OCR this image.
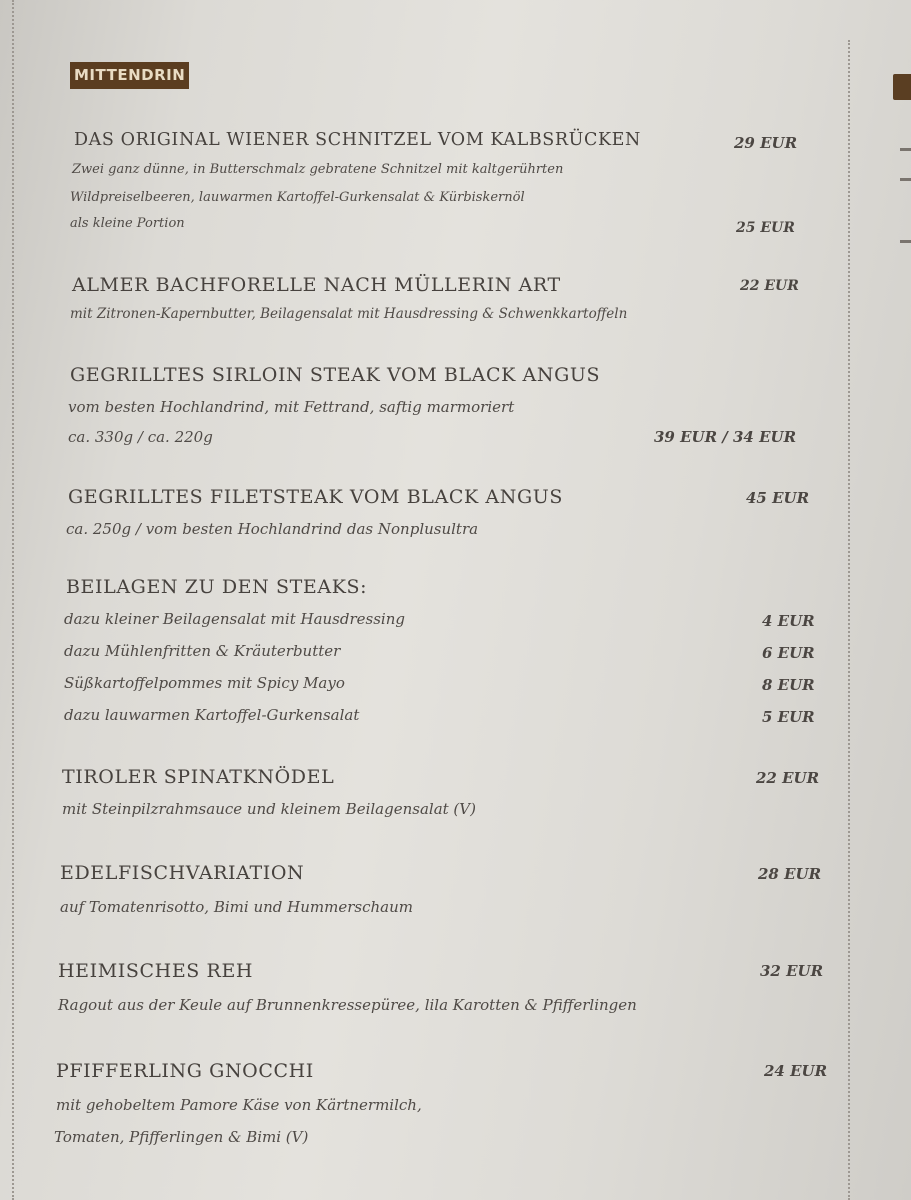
MITTENDRIN
DAS ORIGINAL WIENER SCHNITZEL VOM KALBSRÜCKEN	29 EUR
Zwei ganz dünne, in Butterschmalz gebratene Schnitzel mit kaltgerührten
Wildpreiselbeeren, lauwarmen Kartoffel-Gurkensalat & Kürbiskernöl
als kleine Portion	25 EUR
ALMER BACHFORELLE NACH MÜLLERIN ART	22 EUR
mit Zitronen-Kapernbutter, Beilagensalat mit Hausdressing & Schwenkkartoffeln
GEGRILLTES SIRLOIN STEAK VOM BLACK ANGUS
vom besten Hochlandrind, mit Fettrand, saftig marmoriert
ca. 330g / ca. 220g	39 EUR / 34 EUR
GEGRILLTES FILETSTEAK VOM BLACK ANGUS	45 EUR
ca. 250g / vom besten Hochlandrind das Nonplusultra
BEILAGEN ZU DEN STEAKS:
dazu kleiner Beilagensalat mit Hausdressing	4 EUR
dazu Mühlenfritten & Kräuterbutter	6 EUR
Süßkartoffelpommes mit Spicy Mayo	8 EUR
dazu lauwarmen Kartoffel-Gurkensalat	5 EUR
TIROLER SPINATKNÖDEL	22 EUR
mit Steinpilzrahmsauce und kleinem Beilagensalat (V)
EDELFISCHVARIATION	28 EUR
auf Tomatenrisotto, Bimi und Hummerschaum
HEIMISCHES REH	32 EUR
Ragout aus der Keule auf Brunnenkressepüree, lila Karotten & Pfifferlingen
PFIFFERLING GNOCCHI	24 EUR
mit gehobeltem Pamore Käse von Kärtnermilch,
Tomaten, Pfifferlingen & Bimi (V)
